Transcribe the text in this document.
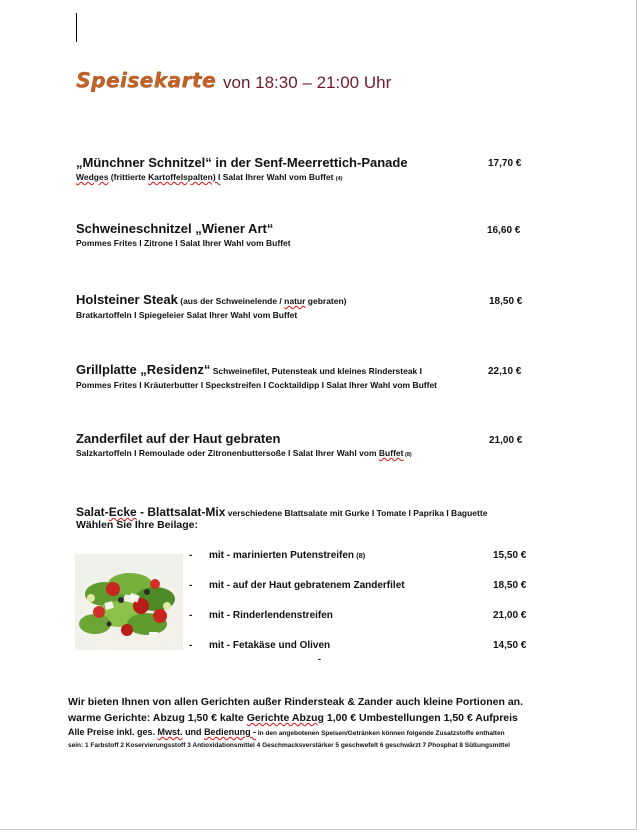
Speisekarte von 18:30 – 21:00 Uhr
„Münchner Schnitzel“ in der Senf-Meerrettich-Panade
Wedges (frittierte Kartoffelspalten) I Salat Ihrer Wahl vom Buffet (4)
17,70 €
Schweineschnitzel „Wiener Art“
Pommes Frites I Zitrone I Salat Ihrer Wahl vom Buffet
16,60 €
Holsteiner Steak (aus der Schweinelende / natur gebraten)
Bratkartoffeln I Spiegeleier Salat Ihrer Wahl vom Buffet
18,50 €
Grillplatte „Residenz“ Schweinefilet, Putensteak und kleines Rindersteak I
Pommes Frites I Kräuterbutter I Speckstreifen I Cocktaildipp I Salat Ihrer Wahl vom Buffet
22,10 €
Zanderfilet auf der Haut gebraten
Salzkartoffeln I Remoulade oder Zitronenbuttersoße I Salat Ihrer Wahl vom Buffet (8)
21,00 €
Salat-Ecke - Blattsalat-Mix verschiedene Blattsalate mit Gurke I Tomate I Paprika I Baguette
Wählen Sie Ihre Beilage:
- mit - marinierten Putenstreifen (8)	15,50 €
- mit - auf der Haut gebratenem Zanderfilet	18,50 €
- mit - Rinderlendenstreifen	21,00 €
- mit - Fetakäse und Oliven	14,50 €
-
Wir bieten Ihnen von allen Gerichten außer Rindersteak & Zander auch kleine Portionen an.
warme Gerichte: Abzug 1,50 € kalte Gerichte Abzug 1,00 € Umbestellungen 1,50 € Aufpreis
Alle Preise inkl. ges. Mwst. und Bedienung - In den angebotenen Speisen/Getränken können folgende Zusatzstoffe enthalten
sein: 1 Farbstoff 2 Koservierungsstoff 3 Antioxidationsmittel 4 Geschmacksverstärker 5 geschwefelt 6 geschwärzt 7 Phosphat 8 Süßungsmittel
